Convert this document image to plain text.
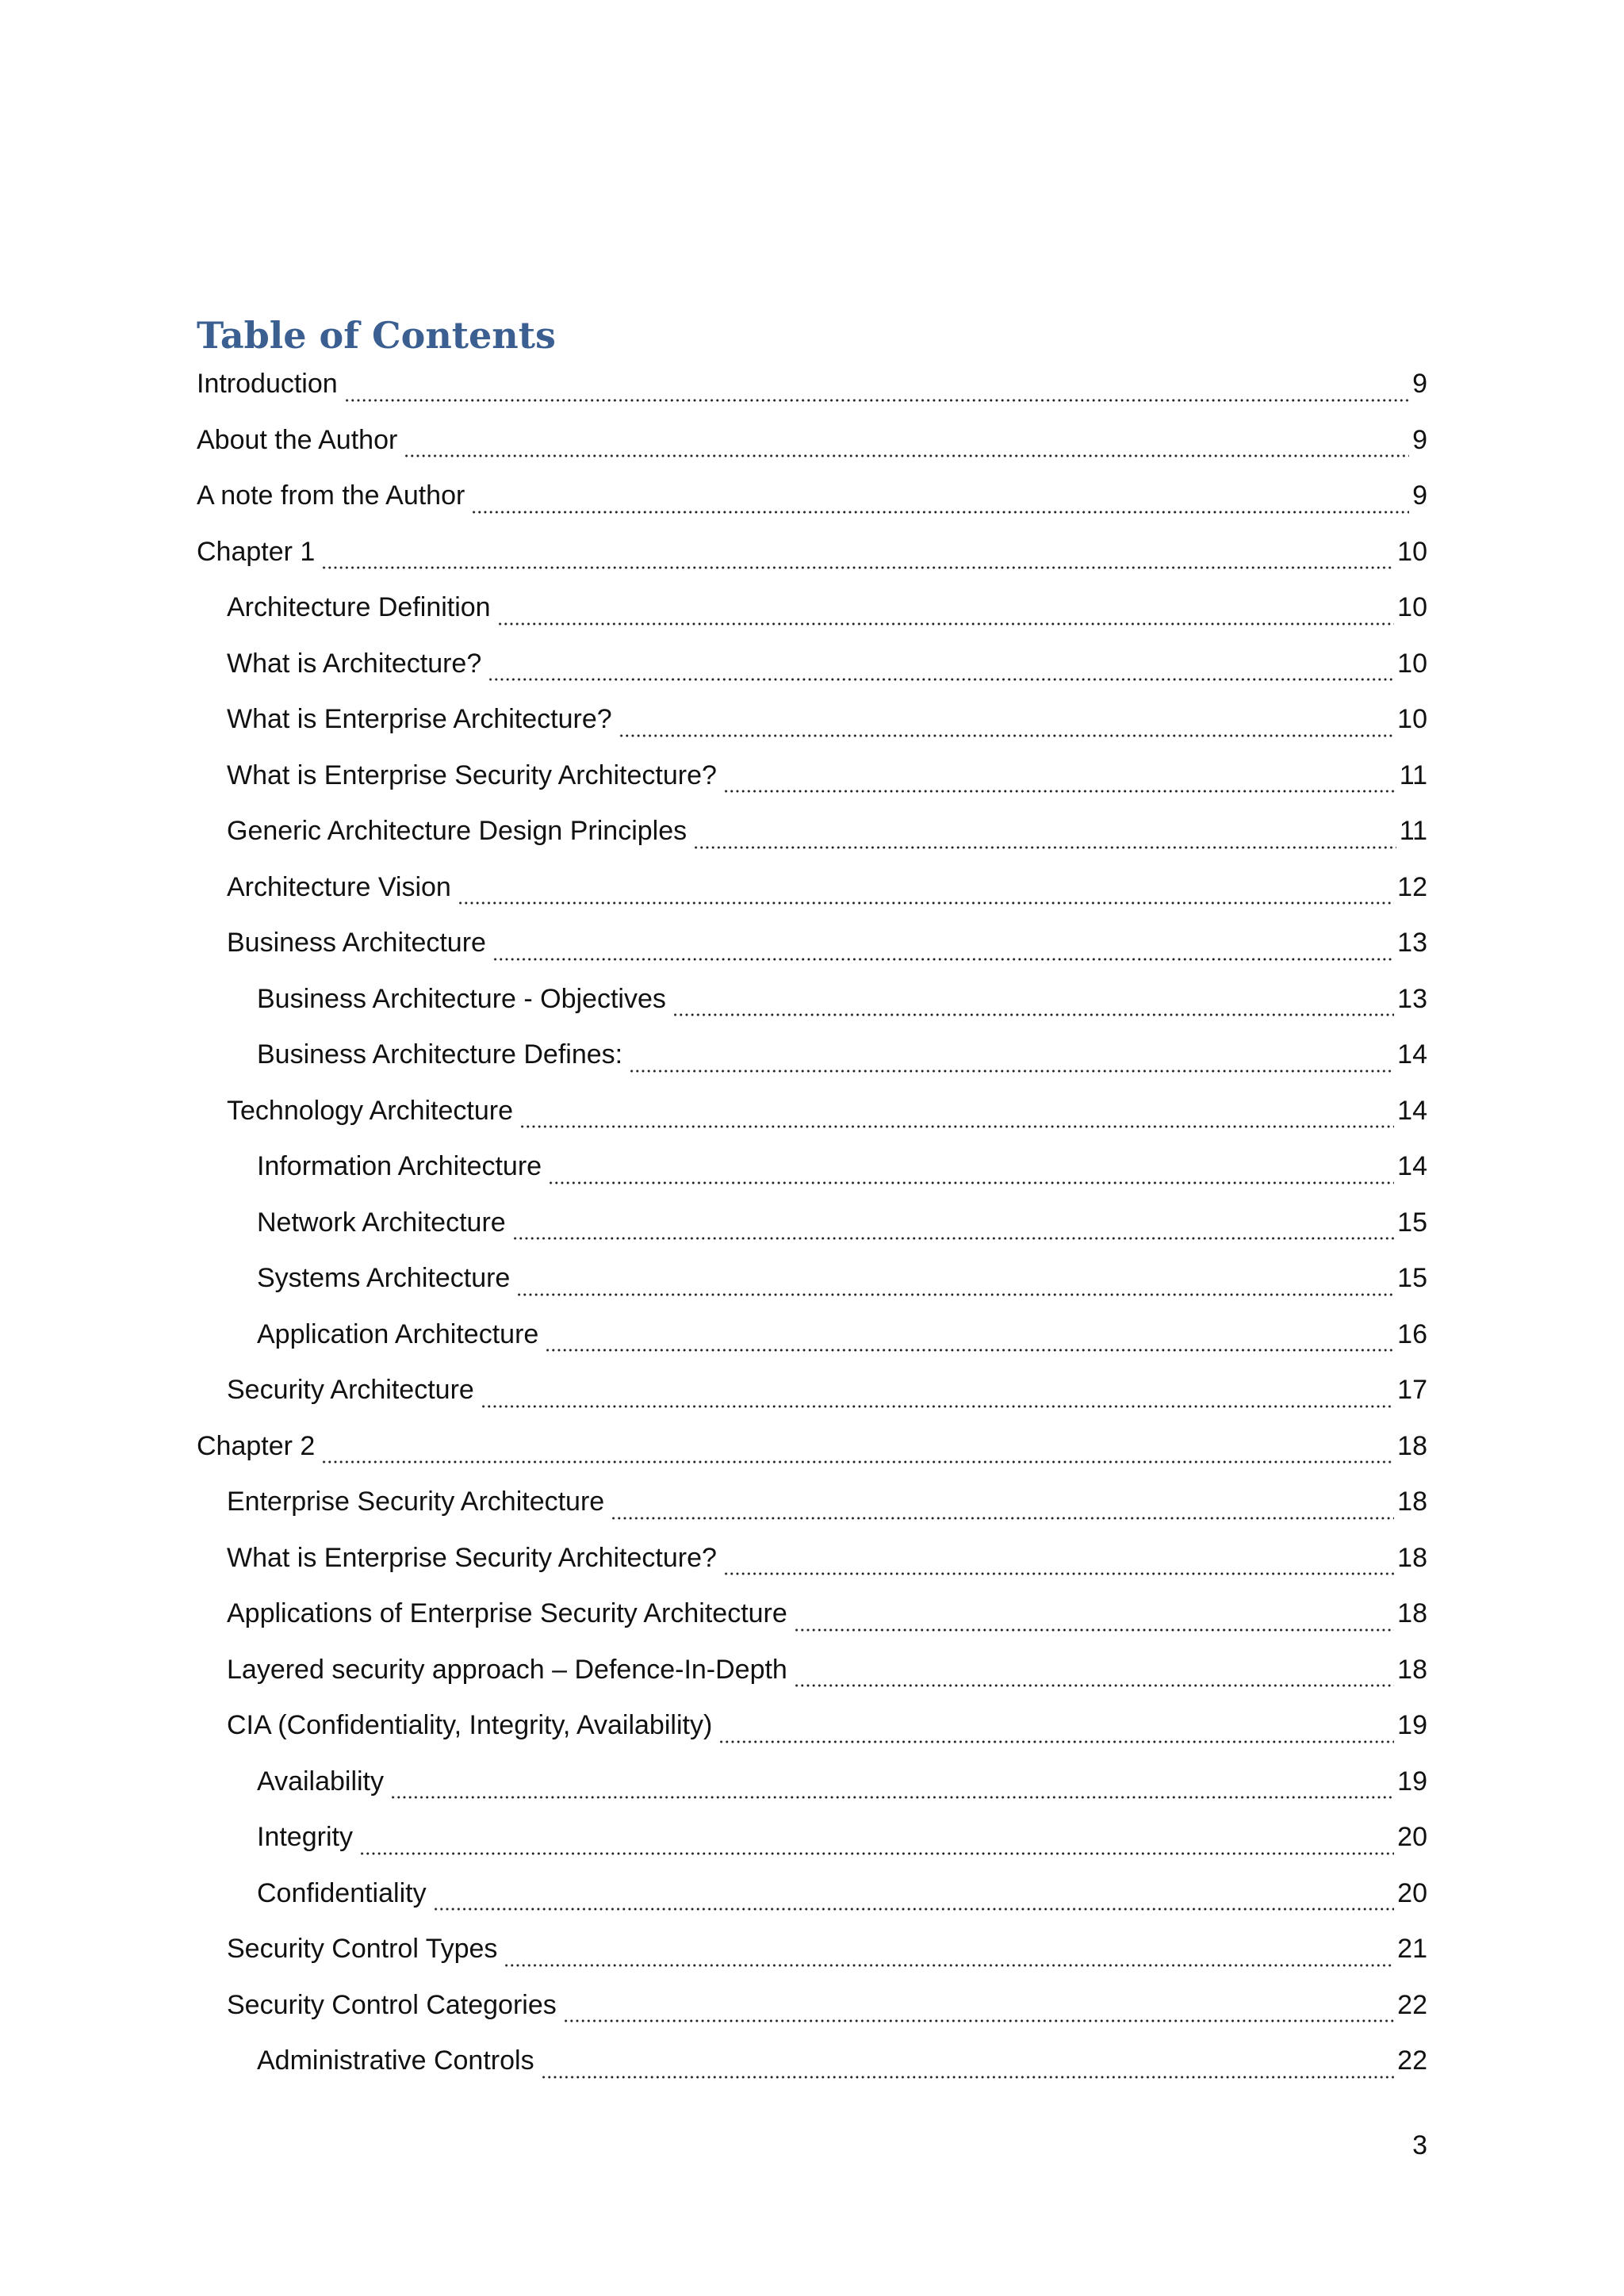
Table of Contents
Introduction	9
About the Author	9
A note from the Author	9
Chapter 1	10
Architecture Definition	10
What is Architecture?	10
What is Enterprise Architecture?	10
What is Enterprise Security Architecture?	11
Generic Architecture Design Principles	11
Architecture Vision	12
Business Architecture	13
Business Architecture - Objectives	13
Business Architecture Defines:	14
Technology Architecture	14
Information Architecture	14
Network Architecture	15
Systems Architecture	15
Application Architecture	16
Security Architecture	17
Chapter 2	18
Enterprise Security Architecture	18
What is Enterprise Security Architecture?	18
Applications of Enterprise Security Architecture	18
Layered security approach – Defence-In-Depth	18
CIA (Confidentiality, Integrity, Availability)	19
Availability	19
Integrity	20
Confidentiality	20
Security Control Types	21
Security Control Categories	22
Administrative Controls	22
3
